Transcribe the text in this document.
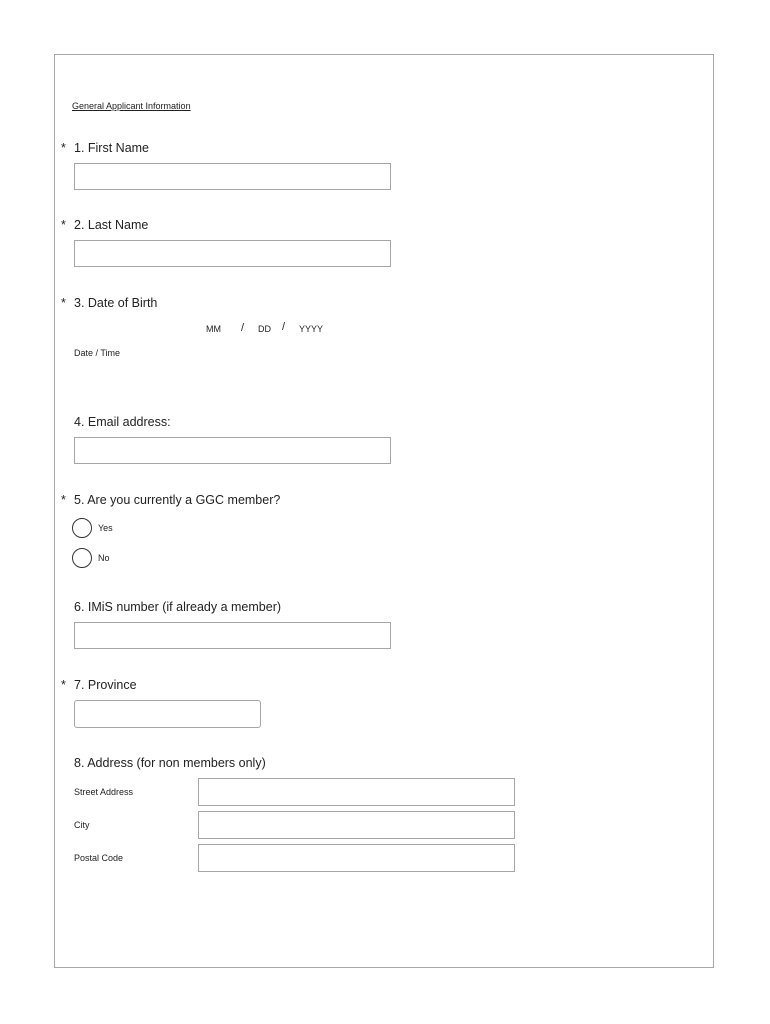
General Applicant Information
* 1. First Name
* 2. Last Name
* 3. Date of Birth
MM / DD / YYYY
Date / Time
4. Email address:
* 5. Are you currently a GGC member?
Yes
No
6. IMiS number (if already a member)
* 7. Province
8. Address (for non members only)
Street Address
City
Postal Code
